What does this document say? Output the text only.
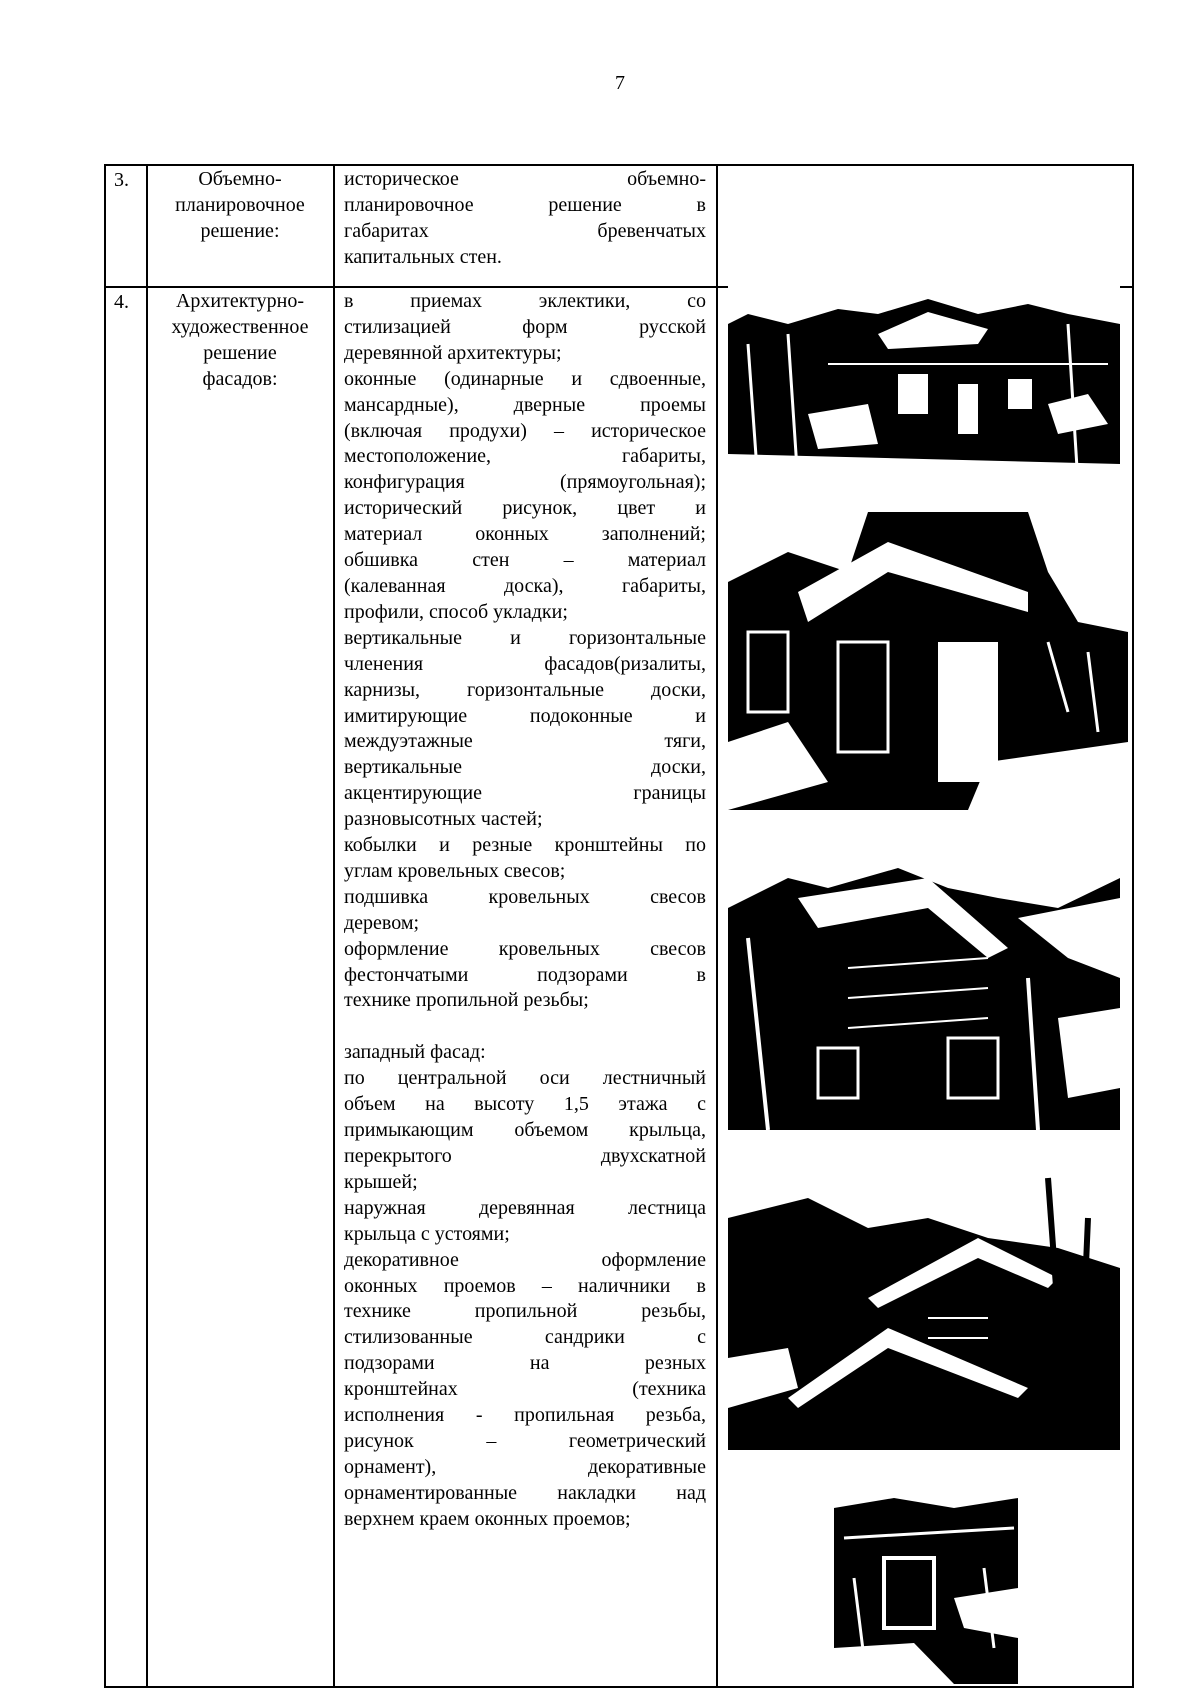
7
3.	Объемно-
планировочное
решение:

историческое объемно-

планировочное решение в

габаритах бревенчатых

капитальных стен.

4.	Архитектурно-
художественное
решение
фасадов:

в приемах эклектики, со

стилизацией форм русской

деревянной архитектуры;

оконные (одинарные и сдвоенные,

мансардные), дверные проемы

(включая продухи) – историческое

местоположение, габариты,

конфигурация (прямоугольная);

исторический рисунок, цвет и

материал оконных заполнений;

обшивка стен – материал

(калеванная доска), габариты,

профили, способ укладки;

вертикальные и горизонтальные

членения фасадов(ризалиты,

карнизы, горизонтальные доски,

имитирующие подоконные и

междуэтажные тяги,

вертикальные доски,

акцентирующие границы

разновысотных частей;

кобылки и резные кронштейны по

углам кровельных свесов;

подшивка кровельных свесов

деревом;

оформление кровельных свесов

фестончатыми подзорами в

технике пропильной резьбы;

западный фасад:

по центральной оси лестничный

объем на высоту 1,5 этажа с

примыкающим объемом крыльца,

перекрытого двухскатной

крышей;

наружная деревянная лестница

крыльца с устоями;

декоративное оформление

оконных проемов – наличники в

технике пропильной резьбы,

стилизованные сандрики с

подзорами на резных

кронштейнах (техника

исполнения - пропильная резьба,

рисунок – геометрический

орнамент), декоративные

орнаментированные накладки над

верхнем краем оконных проемов;
